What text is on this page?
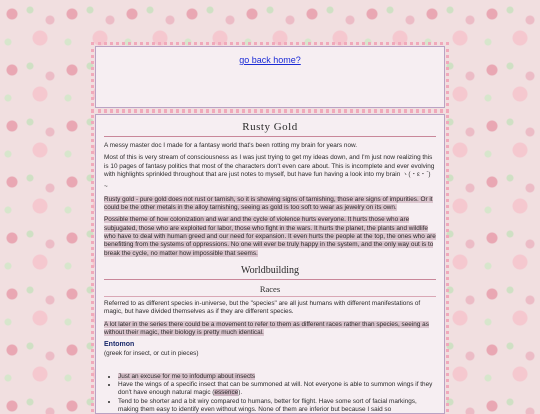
go back home?
Rusty Gold

A messy master doc I made for a fantasy world that's been rotting my brain for years now.

Most of this is very stream of consciousness as I was just trying to get my ideas down, and I'm just now realizing this is 10 pages of fantasy politics that most of the characters don't even care about. This is incomplete and ever evolving with highlights sprinkled throughout that are just notes to myself, but have fun having a look into my brain ヽ(・ε・`)

~

Rusty gold - pure gold does not rust or tarnish, so it is showing signs of tarnishing, those are signs of impurities. Or it could be the other metals in the alloy tarnishing, seeing as gold is too soft to wear as jewelry on its own.

Possible theme of how colonization and war and the cycle of violence hurts everyone. It hurts those who are subjugated, those who are exploited for labor, those who fight in the wars. It hurts the planet, the plants and wildlife who have to deal with human greed and our need for expansion. It even hurts the people at the top, the ones who are benefitting from the systems of oppressions. No one will ever be truly happy in the system, and the only way out is to break the cycle, no matter how impossible that seems.

Worldbuilding
Races

Referred to as different species in-universe, but the "species" are all just humans with different manifestations of magic, but have divided themselves as if they are different species.

A lot later in the series there could be a movement to refer to them as different races rather than species, seeing as without their magic, their biology is pretty much identical.

Entomon

(greek for insect, or cut in pieces)

• Just an excuse for me to infodump about insects
• Have the wings of a specific insect that can be summoned at will. Not everyone is able to summon wings if they don't have enough natural magic (essence).
• Tend to be shorter and a bit wiry compared to humans, better for flight. Have some sort of facial markings, making them easy to identify even without wings. None of them are inferior but because I said so
